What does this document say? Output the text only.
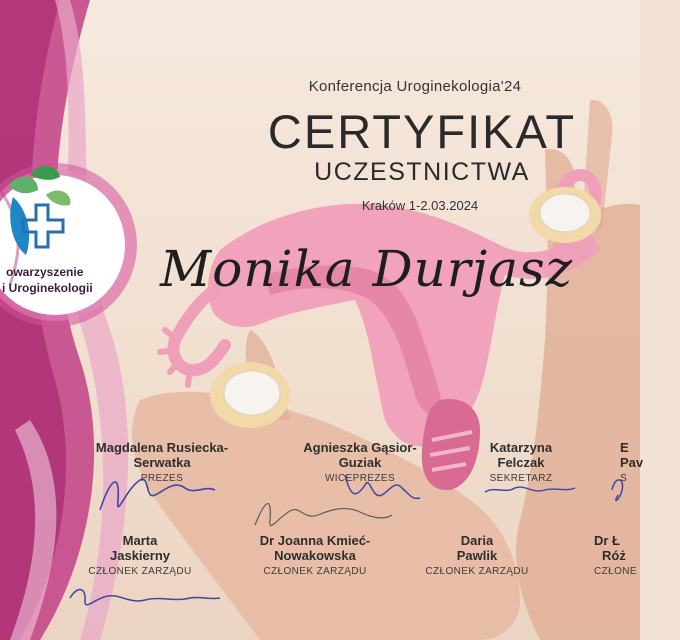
owarzyszenie
i Uroginekologii
Konferencja Uroginekologia'24
CERTYFIKAT
UCZESTNICTWA
Kraków 1-2.03.2024
Monika Durjasz
Magdalena Rusiecka-
Serwatka
PREZES
Agnieszka Gąsior-
Guziak
WICEPREZES
Katarzyna
Felczak
SEKRETARZ
E
Pav
S
Marta
Jaskierny
CZŁONEK ZARZĄDU
Dr Joanna Kmieć-
Nowakowska
CZŁONEK ZARZĄDU
Daria
Pawlik
CZŁONEK ZARZĄDU
Dr Ł
Róż
CZŁONE
